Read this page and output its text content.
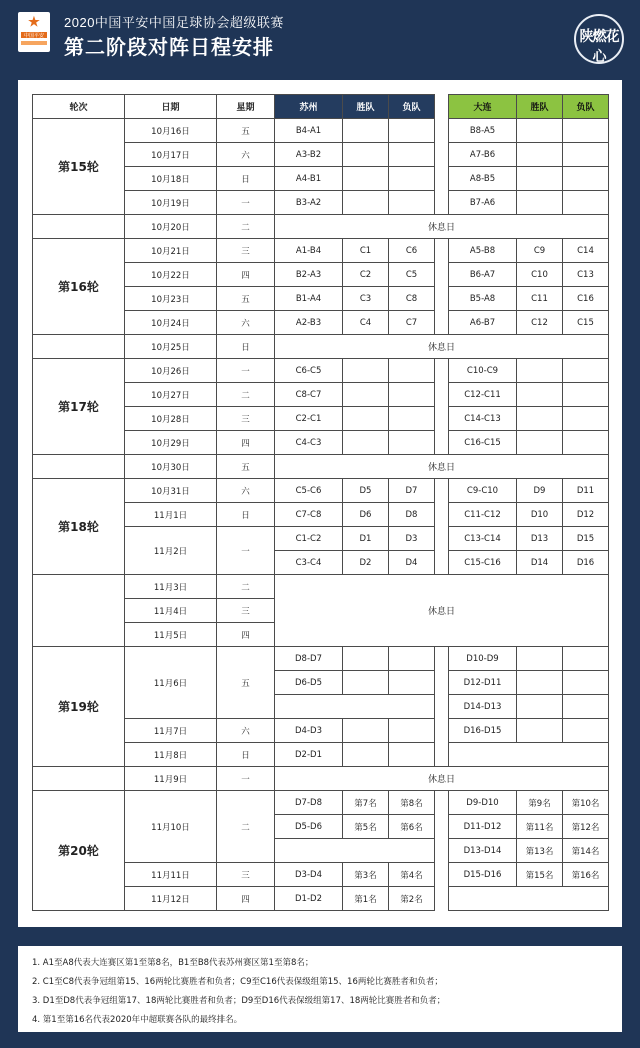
★
中国平安
2020中国平安中国足球协会超级联赛
第二阶段对阵日程安排	陕燃花心
轮次	日期	星期	苏州	胜队	负队		大连	胜队	负队
第15轮	10月16日	五	B4-A1				B8-A5		
	10月17日	六	A3-B2				A7-B6		
	10月18日	日	A4-B1				A8-B5		
	10月19日	一	B3-A2				B7-A6		
	10月20日	二	休息日						
第16轮	10月21日	三	A1-B4	C1	C6		A5-B8	C9	C14
	10月22日	四	B2-A3	C2	C5		B6-A7	C10	C13
	10月23日	五	B1-A4	C3	C8		B5-A8	C11	C16
	10月24日	六	A2-B3	C4	C7		A6-B7	C12	C15
	10月25日	日	休息日						
第17轮	10月26日	一	C6-C5				C10-C9		
	10月27日	二	C8-C7				C12-C11		
	10月28日	三	C2-C1				C14-C13		
	10月29日	四	C4-C3				C16-C15		
	10月30日	五	休息日						
第18轮	10月31日	六	C5-C6	D5	D7		C9-C10	D9	D11
	11月1日	日	C7-C8	D6	D8		C11-C12	D10	D12
	11月2日	一	C1-C2	D1	D3		C13-C14	D13	D15
			C3-C4	D2	D4		C15-C16	D14	D16
	11月3日	二	休息日						
	11月4日	三							
	11月5日	四							
第19轮	11月6日	五	D8-D7				D10-D9		
			D6-D5				D12-D11		
							D14-D13		
	11月7日	六	D4-D3				D16-D15		
	11月8日	日	D2-D1						
	11月9日	一	休息日						
第20轮	11月10日	二	D7-D8	第7名	第8名		D9-D10	第9名	第10名
			D5-D6	第5名	第6名		D11-D12	第11名	第12名
							D13-D14	第13名	第14名
	11月11日	三	D3-D4	第3名	第4名		D15-D16	第15名	第16名
	11月12日	四	D1-D2	第1名	第2名				
1. A1至A8代表大连赛区第1至第8名，B1至B8代表苏州赛区第1至第8名；
2. C1至C8代表争冠组第15、16两轮比赛胜者和负者；C9至C16代表保级组第15、16两轮比赛胜者和负者；
3. D1至D8代表争冠组第17、18两轮比赛胜者和负者；D9至D16代表保级组第17、18两轮比赛胜者和负者；
4. 第1至第16名代表2020年中超联赛各队的最终排名。
